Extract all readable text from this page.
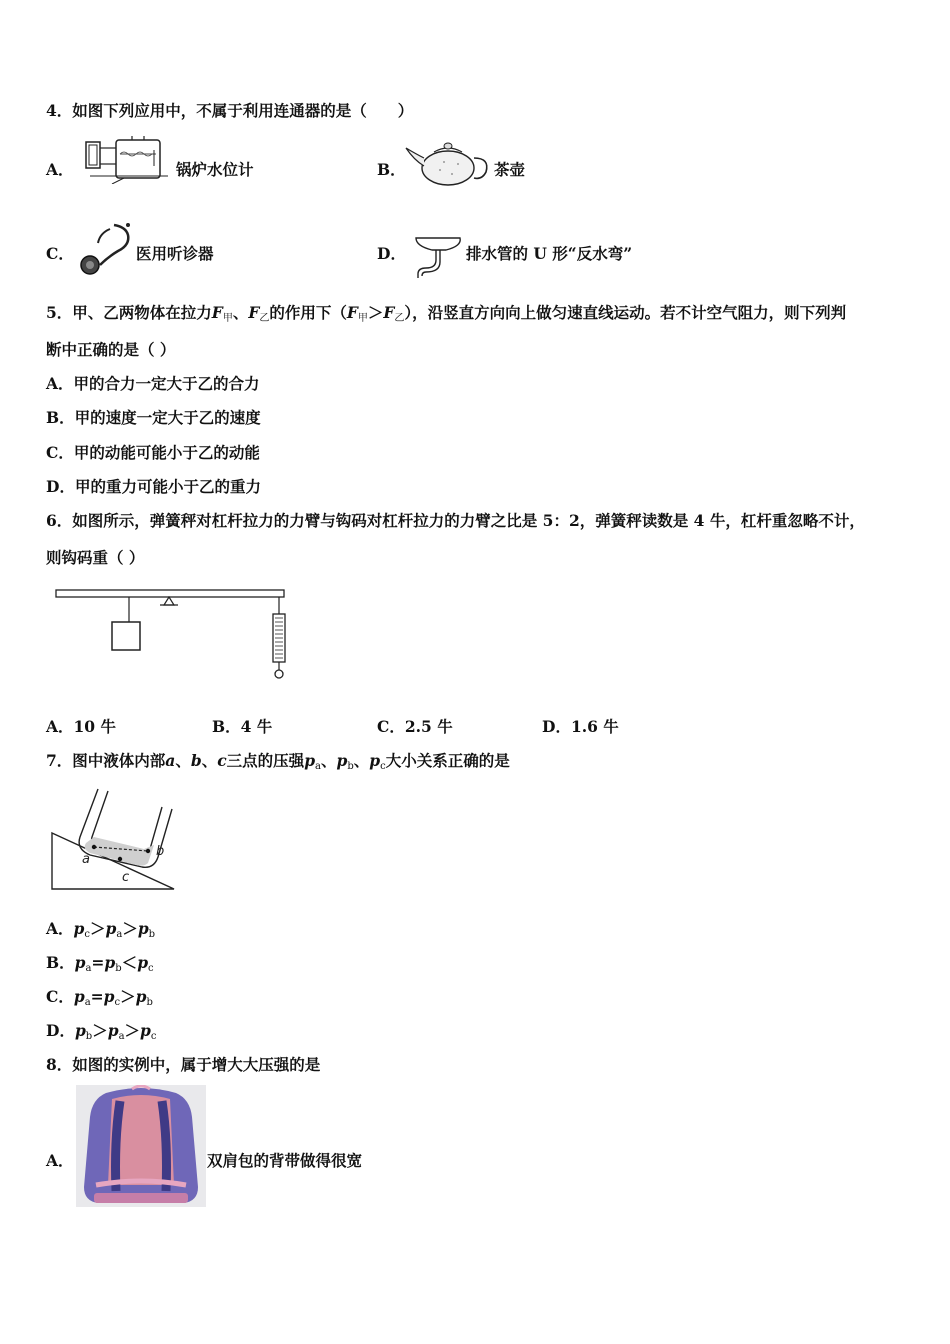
4．如图下列应用中，不属于利用连通器的是（　　）
A．	锅炉水位计	B．	茶壶
C．	医用听诊器	D．	排水管的 U 形“反水弯”
5．甲、乙两物体在拉力$F_甲$、$F_乙$的作用下$(F_甲>F_乙)$，沿竖直方向向上做匀速直线运动。若不计空气阻力，则下列判
断中正确的是（ ）
A．甲的合力一定大于乙的合力
B．甲的速度一定大于乙的速度
C．甲的动能可能小于乙的动能
D．甲的重力可能小于乙的重力
6．如图所示，弹簧秤对杠杆拉力的力臂与钩码对杠杆拉力的力臂之比是 5：2，弹簧秤读数是 4 牛，杠杆重忽略不计，
则钩码重（ ）
A．10 牛	B．4 牛	C．2.5 牛	D．1.6 牛
7．图中液体内部a、b、c三点的压强$p_a$、$p_b$、$p_c$大小关系正确的是
a
b
c
A．$p_c>p_a>p_b$
B．$p_a=p_b<p_c$
C．$p_a=p_c>p_b$
D．$p_b>p_a>p_c$
8．如图的实例中，属于增大大压强的是
A．	双肩包的背带做得很宽
